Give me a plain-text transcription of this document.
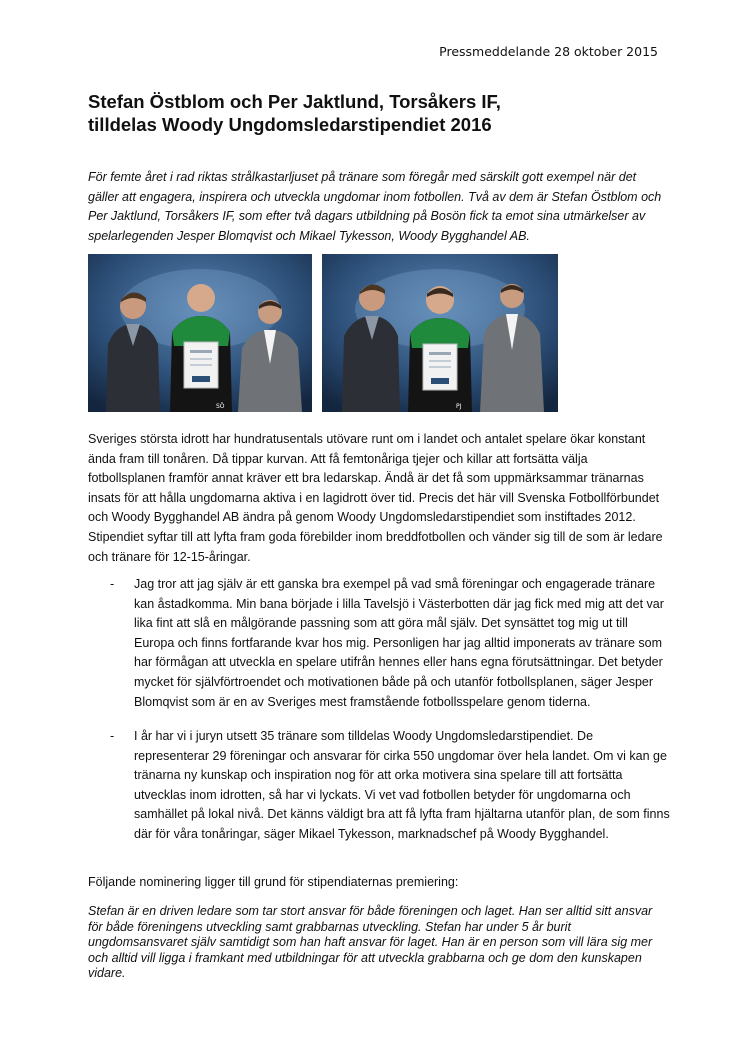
Pressmeddelande 28 oktober 2015
Stefan Östblom och Per Jaktlund, Torsåkers IF,
tilldelas Woody Ungdomsledarstipendiet 2016

För femte året i rad riktas strålkastarljuset på tränare som föregår med särskilt gott exempel när det gäller att engagera, inspirera och utveckla ungdomar inom fotbollen. Två av dem är Stefan Östblom och Per Jaktlund, Torsåkers IF, som efter två dagars utbildning på Bosön fick ta emot sina utmärkelser av spelarlegenden Jesper Blomqvist och Mikael Tykesson, Woody Bygghandel AB.

SÖ	PJ

Sveriges största idrott har hundratusentals utövare runt om i landet och antalet spelare ökar konstant ända fram till tonåren. Då tippar kurvan. Att få femtonåriga tjejer och killar att fortsätta välja fotbollsplanen framför annat kräver ett bra ledarskap. Ändå är det få som uppmärksammar tränarnas insats för att hålla ungdomarna aktiva i en lagidrott över tid. Precis det här vill Svenska Fotbollförbundet och Woody Bygghandel AB ändra på genom Woody Ungdomsledarstipendiet som instiftades 2012. Stipendiet syftar till att lyfta fram goda förebilder inom breddfotbollen och vänder sig till de som är ledare och tränare för 12-15-åringar.

- Jag tror att jag själv är ett ganska bra exempel på vad små föreningar och engagerade tränare kan åstadkomma. Min bana började i lilla Tavelsjö i Västerbotten där jag fick med mig att det var lika fint att slå en målgörande passning som att göra mål själv. Det synsättet tog mig ut till Europa och finns fortfarande kvar hos mig. Personligen har jag alltid imponerats av tränare som har förmågan att utveckla en spelare utifrån hennes eller hans egna förutsättningar. Det betyder mycket för självförtroendet och motivationen både på och utanför fotbollsplanen, säger Jesper Blomqvist som är en av Sveriges mest framstående fotbollsspelare genom tiderna.

- I år har vi i juryn utsett 35 tränare som tilldelas Woody Ungdomsledarstipendiet. De representerar 29 föreningar och ansvarar för cirka 550 ungdomar över hela landet. Om vi kan ge tränarna ny kunskap och inspiration nog för att orka motivera sina spelare till att fortsätta utvecklas inom idrotten, så har vi lyckats. Vi vet vad fotbollen betyder för ungdomarna och samhället på lokal nivå. Det känns väldigt bra att få lyfta fram hjältarna utanför plan, de som finns där för våra tonåringar, säger Mikael Tykesson, marknadschef på Woody Bygghandel.

Följande nominering ligger till grund för stipendiaternas premiering:

Stefan är en driven ledare som tar stort ansvar för både föreningen och laget. Han ser alltid sitt ansvar för både föreningens utveckling samt grabbarnas utveckling. Stefan har under 5 år burit ungdomsansvaret själv samtidigt som han haft ansvar för laget. Han är en person som vill lära sig mer och alltid vill ligga i framkant med utbildningar för att utveckla grabbarna och ge dom den kunskapen vidare.
